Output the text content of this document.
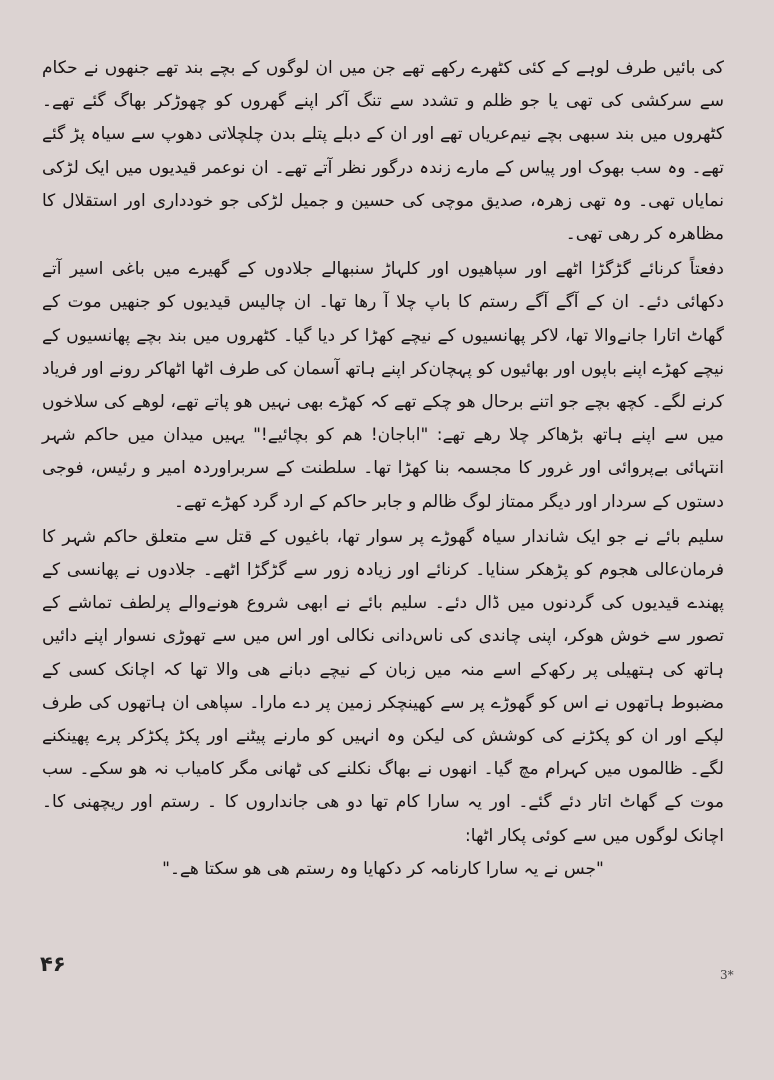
کی بائیں طرف لوہے کے کئی کٹھرے رکھے تھے جن میں ان لوگوں کے بچے بند تھے جنھوں نے حکام سے سرکشی کی تھی یا جو ظلم و تشدد سے تنگ آکر اپنے گھروں کو چھوڑکر بھاگ گئے تھے۔ کٹھروں میں بند سبھی بچے نیم‌عریاں تھے اور ان کے دبلے پتلے بدن چلچلاتی دھوپ سے سیاہ پڑ گئے تھے۔ وہ سب بھوک اور پیاس کے مارے زندہ درگور نظر آتے تھے۔ ان نوعمر قیدیوں میں ایک لڑکی نمایاں تھی۔ وہ تھی زھرہ، صدیق موچی کی حسین و جمیل لڑکی جو خودداری اور استقلال کا مظاھرہ کر رھی تھی۔

دفعتاً کرنائے گڑگڑا اٹھے اور سپاھیوں اور کلہاڑ سنبھالے جلادوں کے گھیرے میں باغی اسیر آتے دکھائی دئے۔ ان کے آگے آگے رستم کا باپ چلا آ رھا تھا۔ ان چالیس قیدیوں کو جنھیں موت کے گھاٹ اتارا جانےوالا تھا، لاکر پھانسیوں کے نیچے کھڑا کر دیا گیا۔ کٹھروں میں بند بچے پھانسیوں کے نیچے کھڑے اپنے باپوں اور بھائیوں کو پہچان‌کر اپنے ہاتھ آسمان کی طرف اٹھا اٹھاکر رونے اور فریاد کرنے لگے۔ کچھ بچے جو اتنے برحال ھو چکے تھے کہ کھڑے بھی نہیں ھو پاتے تھے، لوھے کی سلاخوں میں سے اپنے ہاتھ بڑھاکر چلا رھے تھے: "اباجان! ھم کو بچائیے!" یہیں میدان میں حاکم شہر انتہائی بےپروائی اور غرور کا مجسمہ بنا کھڑا تھا۔ سلطنت کے سربراوردہ امیر و رئیس، فوجی دستوں کے سردار اور دیگر ممتاز لوگ ظالم و جابر حاکم کے ارد گرد کھڑے تھے۔

سلیم بائے نے جو ایک شاندار سیاہ گھوڑے پر سوار تھا، باغیوں کے قتل سے متعلق حاکم شہر کا فرمان‌عالی ھجوم کو پڑھکر سنایا۔ کرنائے اور زیادہ زور سے گڑگڑا اٹھے۔ جلادوں نے پھانسی کے پھندے قیدیوں کی گردنوں میں ڈال دئے۔ سلیم بائے نے ابھی شروع ھونےوالے پرلطف تماشے کے تصور سے خوش ھوکر، اپنی چاندی کی ناس‌دانی نکالی اور اس میں سے تھوڑی نسوار اپنے دائیں ہاتھ کی ہتھیلی پر رکھ‌کے اسے منہ میں زبان کے نیچے دبانے ھی والا تھا کہ اچانک کسی کے مضبوط ہاتھوں نے اس کو گھوڑے پر سے کھینچکر زمین پر دے مارا۔ سپاھی ان ہاتھوں کی طرف لپکے اور ان کو پکڑنے کی کوشش کی لیکن وہ انہیں کو مارنے پیٹنے اور پکڑ پکڑکر پرے پھینکنے لگے۔ ظالموں میں کہرام مچ گیا۔ انھوں نے بھاگ نکلنے کی ٹھانی مگر کامیاب نہ ھو سکے۔ سب موت کے گھاٹ اتار دئے گئے۔ اور یہ سارا کام تھا دو ھی جانداروں کا ۔ رستم اور ریچھنی کا۔ اچانک لوگوں میں سے کوئی پکار اٹھا:

"جس نے یہ سارا کارنامہ کر دکھایا وہ رستم ھی ھو سکتا ھے۔"

۴۶	3*
